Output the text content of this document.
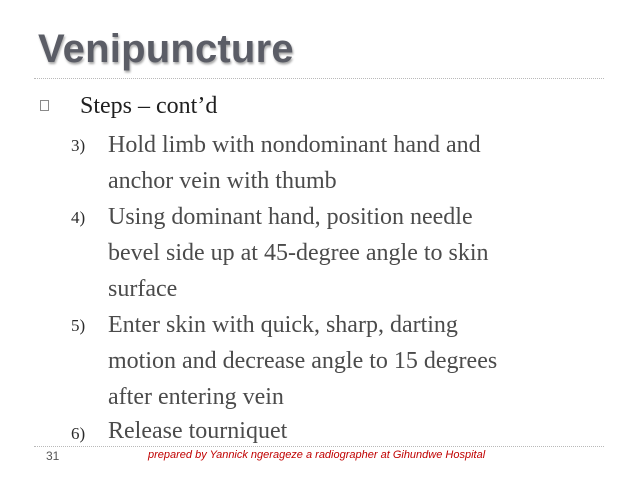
Venipuncture
Steps – cont’d
3) Hold limb with nondominant hand and
anchor vein with thumb
4) Using dominant hand, position needle
bevel side up at 45-degree angle to skin
surface
5) Enter skin with quick, sharp, darting
motion and decrease angle to 15 degrees
after entering vein
6) Release tourniquet
31	prepared by Yannick ngerageze a radiographer at Gihundwe Hospital
